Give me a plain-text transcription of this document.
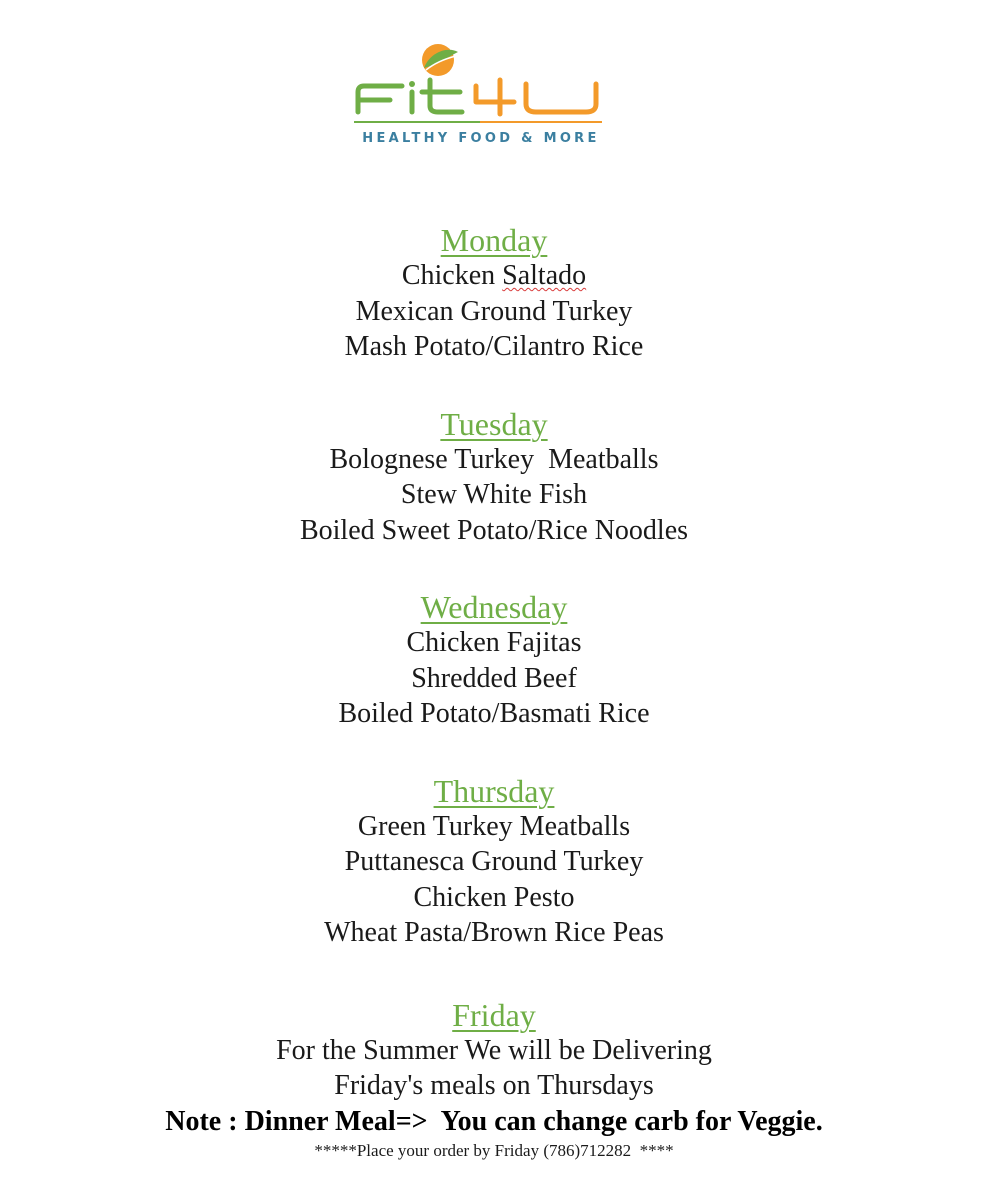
HEALTHY FOOD & MORE
Monday
Chicken Saltado
Mexican Ground Turkey
Mash Potato/Cilantro Rice
Tuesday
Bolognese Turkey  Meatballs
Stew White Fish
Boiled Sweet Potato/Rice Noodles
Wednesday
Chicken Fajitas
Shredded Beef
Boiled Potato/Basmati Rice
Thursday
Green Turkey Meatballs
Puttanesca Ground Turkey
Chicken Pesto
Wheat Pasta/Brown Rice Peas
Friday
For the Summer We will be Delivering
Friday's meals on Thursdays
Note : Dinner Meal=>  You can change carb for Veggie.
*****Place your order by Friday (786)712282  ****
